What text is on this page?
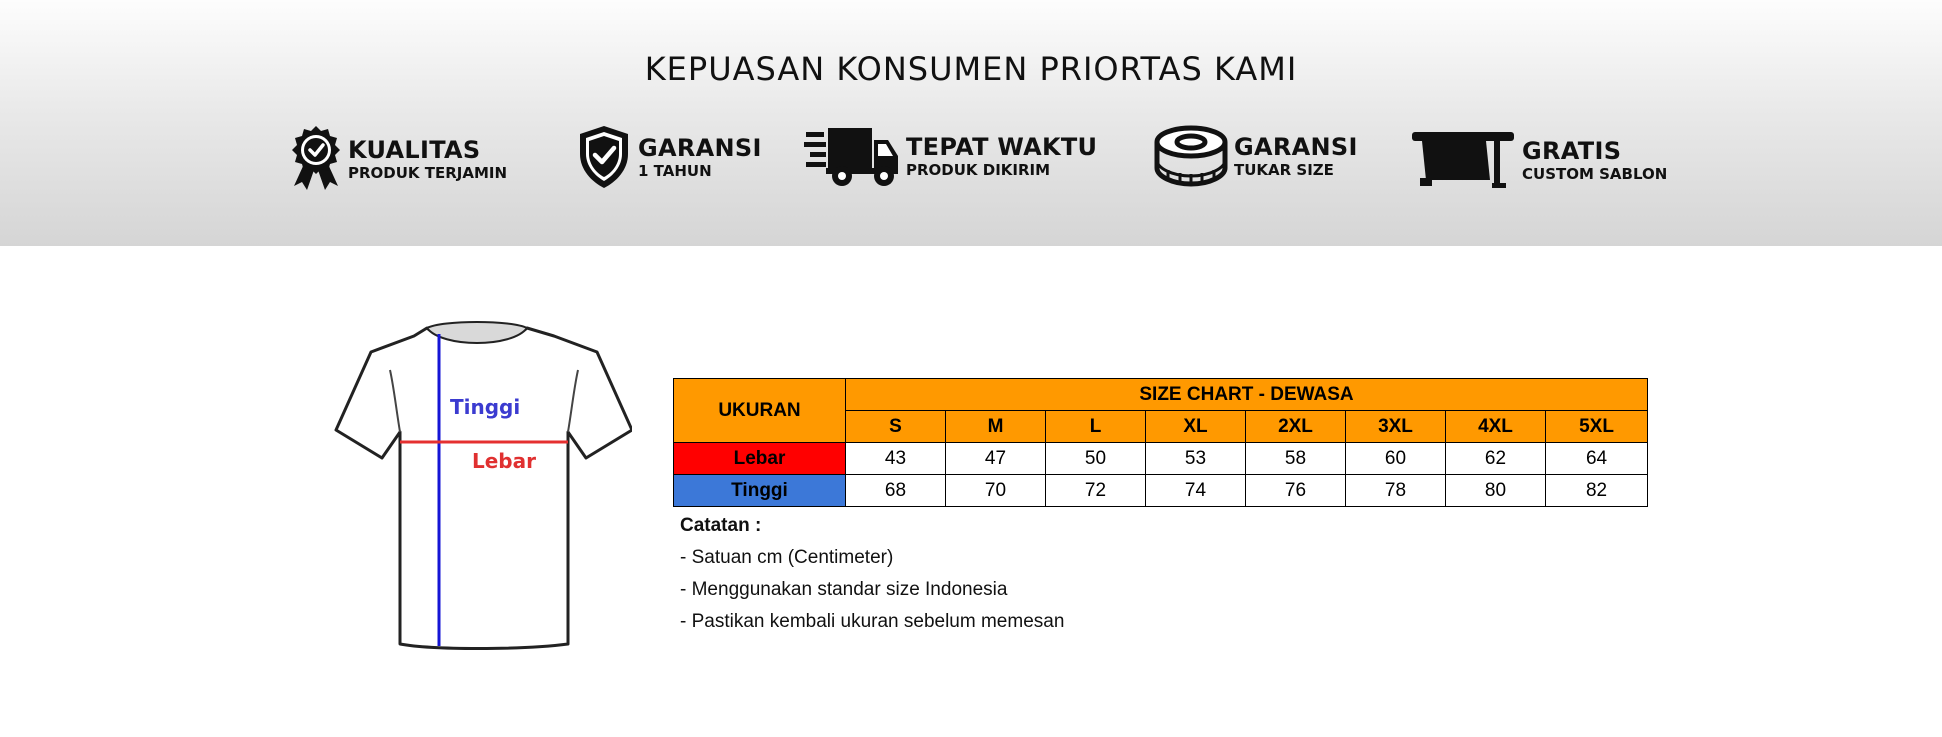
KEPUASAN KONSUMEN PRIORTAS KAMI
KUALITAS
PRODUK TERJAMIN
GARANSI
1 TAHUN
TEPAT WAKTU
PRODUK DIKIRIM
GARANSI
TUKAR SIZE
GRATIS
CUSTOM SABLON
Tinggi
Lebar
UKURAN	SIZE CHART - DEWASA							
	S	M	L	XL	2XL	3XL	4XL	5XL
Lebar	43	47	50	53	58	60	62	64
Tinggi	68	70	72	74	76	78	80	82
Catatan :
- Satuan cm (Centimeter)
- Menggunakan standar size Indonesia
- Pastikan kembali ukuran sebelum memesan
